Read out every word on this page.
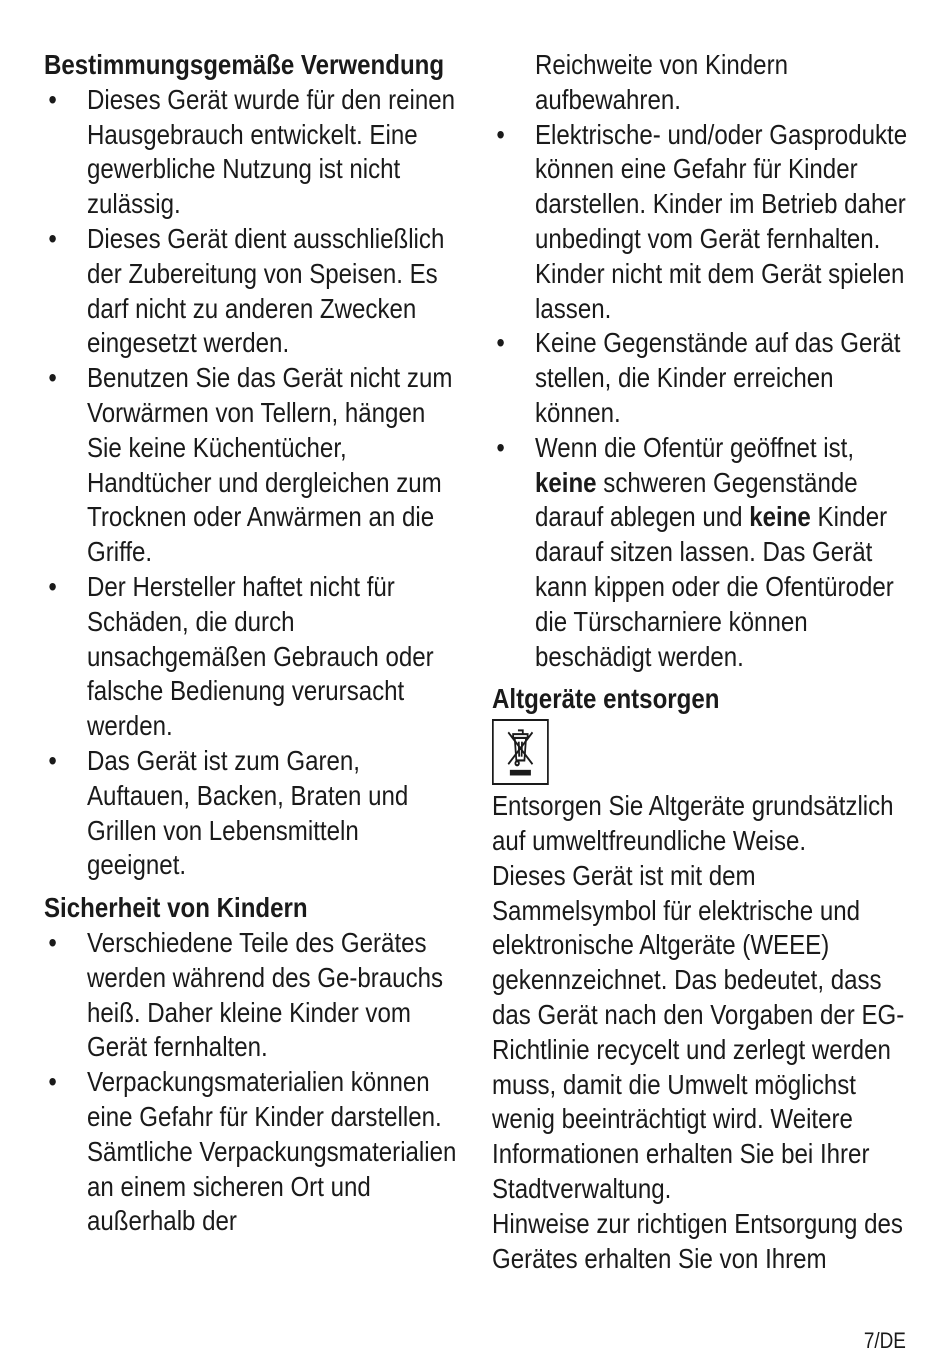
Bestimmungsgemäße Verwendung
• Dieses Gerät wurde für den reinen Hausgebrauch entwickelt. Eine gewerbliche Nutzung ist nicht zulässig.
• Dieses Gerät dient ausschließlich der Zubereitung von Speisen. Es darf nicht zu anderen Zwecken eingesetzt werden.
• Benutzen Sie das Gerät nicht zum Vorwärmen von Tellern, hängen Sie keine Küchentücher, Handtücher und dergleichen zum Trocknen oder Anwärmen an die Griffe.
• Der Hersteller haftet nicht für Schäden, die durch unsachgemäßen Gebrauch oder falsche Bedienung verursacht werden.
• Das Gerät ist zum Garen, Auftauen, Backen, Braten und Grillen von Lebensmitteln geeignet.
Sicherheit von Kindern
• Verschiedene Teile des Gerätes werden während des Ge-brauchs heiß. Daher kleine Kinder vom Gerät fernhalten.
• Verpackungsmaterialien können eine Gefahr für Kinder darstellen. Sämtliche Verpackungsmaterialien an einem sicheren Ort und außerhalb der
Reichweite von Kindern aufbewahren.
• Elektrische- und/oder Gasprodukte können eine Gefahr für Kinder darstellen. Kinder im Betrieb daher unbedingt vom Gerät fernhalten. Kinder nicht mit dem Gerät spielen lassen.
• Keine Gegenstände auf das Gerät stellen, die Kinder erreichen können.
• Wenn die Ofentür geöffnet ist, keine schweren Gegenstände darauf ablegen und keine Kinder darauf sitzen lassen. Das Gerät kann kippen oder die Ofentüroder die Türscharniere können beschädigt werden.
Altgeräte entsorgen
Entsorgen Sie Altgeräte grundsätzlich auf umweltfreundliche Weise.
Dieses Gerät ist mit dem Sammelsymbol für elektrische und elektronische Altgeräte (WEEE) gekennzeichnet. Das bedeutet, dass das Gerät nach den Vorgaben der EG-Richtlinie recycelt und zerlegt werden muss, damit die Umwelt möglichst wenig beeinträchtigt wird. Weitere Informationen erhalten Sie bei Ihrer Stadtverwaltung.
Hinweise zur richtigen Entsorgung des Gerätes erhalten Sie von Ihrem
7/DE
